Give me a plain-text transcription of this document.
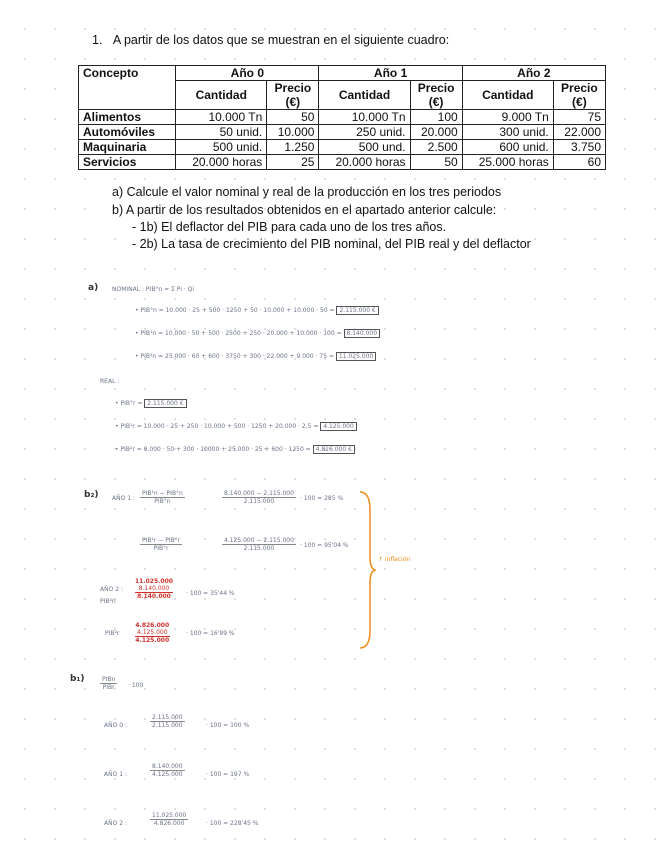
1. A partir de los datos que se muestran en el siguiente cuadro:
Concepto	Año 0		Año 1		Año 2	
	Cantidad	Precio (€)	Cantidad	Precio (€)	Cantidad	Precio (€)
Alimentos	10.000 Tn	50	10.000 Tn	100	9.000 Tn	75
Automóviles	50 unid.	10.000	250 unid.	20.000	300 unid.	22.000
Maquinaria	500 unid.	1.250	500 und.	2.500	600 unid.	3.750
Servicios	20.000 horas	25	20.000 horas	50	25.000 horas	60
a) Calcule el valor nominal y real de la producción en los tres periodos
b) A partir de los resultados obtenidos en el apartado anterior calcule:
- 1b) El deflactor del PIB para cada uno de los tres años.
- 2b) La tasa de crecimiento del PIB nominal, del PIB real y del deflactor
a) NOMINAL : PIB°n = Σ Pi · Qi
• PIB°n = 10.000 · 25 + 500 · 1250 + 50 · 10.000 + 10.000 · 50 = 2.115.000 €
• PIB¹n = 10.000 · 50 + 500 · 2500 + 250 · 20.000 + 10.000 · 100 = 8.140.000
• PIB²n = 25.000 · 60 + 600 · 3750 + 300 · 22.000 + 9.000 · 75 = 11.025.000
REAL :
• PIB°r = 2.115.000 €
• PIB¹r = 10.000 · 25 + 250 · 10.000 + 500 · 1250 + 20.000 · 2,5 = 4.125.000
• PIB²r = 9.000 · 50 + 300 · 10000 + 25.000 · 25 + 600 · 1250 = 4.826.000 €
b₂) AÑO 1 :
PIB¹n − PIB°n
PIB°n	$\frac{8.140.000 - 2.115.000}{2.115.000} \cdot 100 = 285$ %
PIB¹r − PIB°r
PIB°r	$\frac{4.125.000 - 2.115.000}{2.115.000} \cdot 100 = 95'04$ %
↑ inflación
AÑO 2 :
PIB²n
11.025.000
8.140.000
8.140.000	· 100 = 35'44 %
PIB²r
4.826.000
4.125.000
4.125.000
· 100 = 16'99 %
b₁)	PIBn
PIBr	· 100
AÑO 0 :	$\frac{2.115.000}{2.115.000}$	· 100 = 100 %
AÑO 1 :	$\frac{8.140.000}{4.125.000}$	· 100 = 197 %
AÑO 2 :	$\frac{11.025.000}{4.826.000}$	· 100 = 228'45 %
